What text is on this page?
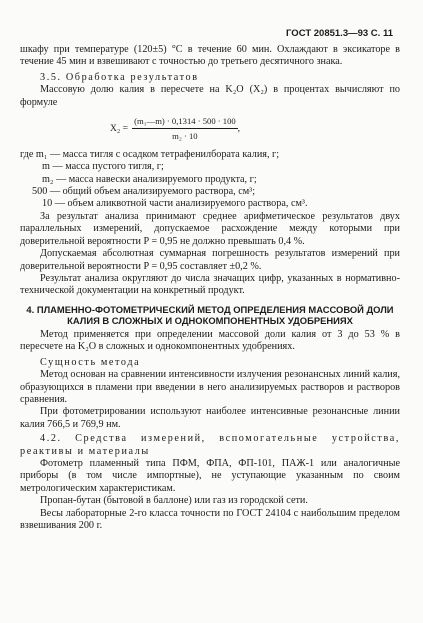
ГОСТ 20851.3—93 С. 11

шкафу при температуре (120±5) °С в течение 60 мин. Охлаждают в эксикаторе в течение 45 мин и взвешивают с точностью до третьего десятичного знака.

3.5. Обработка результатов

Массовую долю калия в пересчете на K₂O (X₂) в процентах вычисляют по формуле

$X_2 = \frac{\text{(m₁—m) · 0,1314 · 500 · 100}}{\text{m₂ · 10}}$ ,

где m₁ — масса тигля с осадком тетрафенилбората калия, г;

m — масса пустого тигля, г;

m₂ — масса навески анализируемого продукта, г;

500 — общий объем анализируемого раствора, см³;

10 — объем аликвотной части анализируемого раствора, см³.

За результат анализа принимают среднее арифметическое результатов двух параллельных измерений, допускаемое расхождение между которыми при доверительной вероятности P = 0,95 не должно превышать 0,4 %.

Допускаемая абсолютная суммарная погрешность результатов измерений при доверительной вероятности P = 0,95 составляет ±0,2 %.

Результат анализа округляют до числа значащих цифр, указанных в нормативно-технической документации на конкретный продукт.

4. ПЛАМЕННО-ФОТОМЕТРИЧЕСКИЙ МЕТОД ОПРЕДЕЛЕНИЯ МАССОВОЙ ДОЛИ КАЛИЯ В СЛОЖНЫХ И ОДНОКОМПОНЕНТНЫХ УДОБРЕНИЯХ

Метод применяется при определении массовой доли калия от 3 до 53 % в пересчете на K₂O в сложных и однокомпонентных удобрениях.

Сущность метода

Метод основан на сравнении интенсивности излучения резонансных линий калия, образующихся в пламени при введении в него анализируемых растворов и растворов сравнения.

При фотометрировании используют наиболее интенсивные резонансные линии калия 766,5 и 769,9 нм.

4.2. Средства измерений, вспомогательные устройства, реактивы и материалы

Фотометр пламенный типа ПФМ, ФПА, ФП-101, ПАЖ-1 или аналогичные приборы (в том числе импортные), не уступающие указанным по своим метрологическим характеристикам.

Пропан-бутан (бытовой в баллоне) или газ из городской сети.

Весы лабораторные 2-го класса точности по ГОСТ 24104 с наибольшим пределом взвешивания 200 г.
